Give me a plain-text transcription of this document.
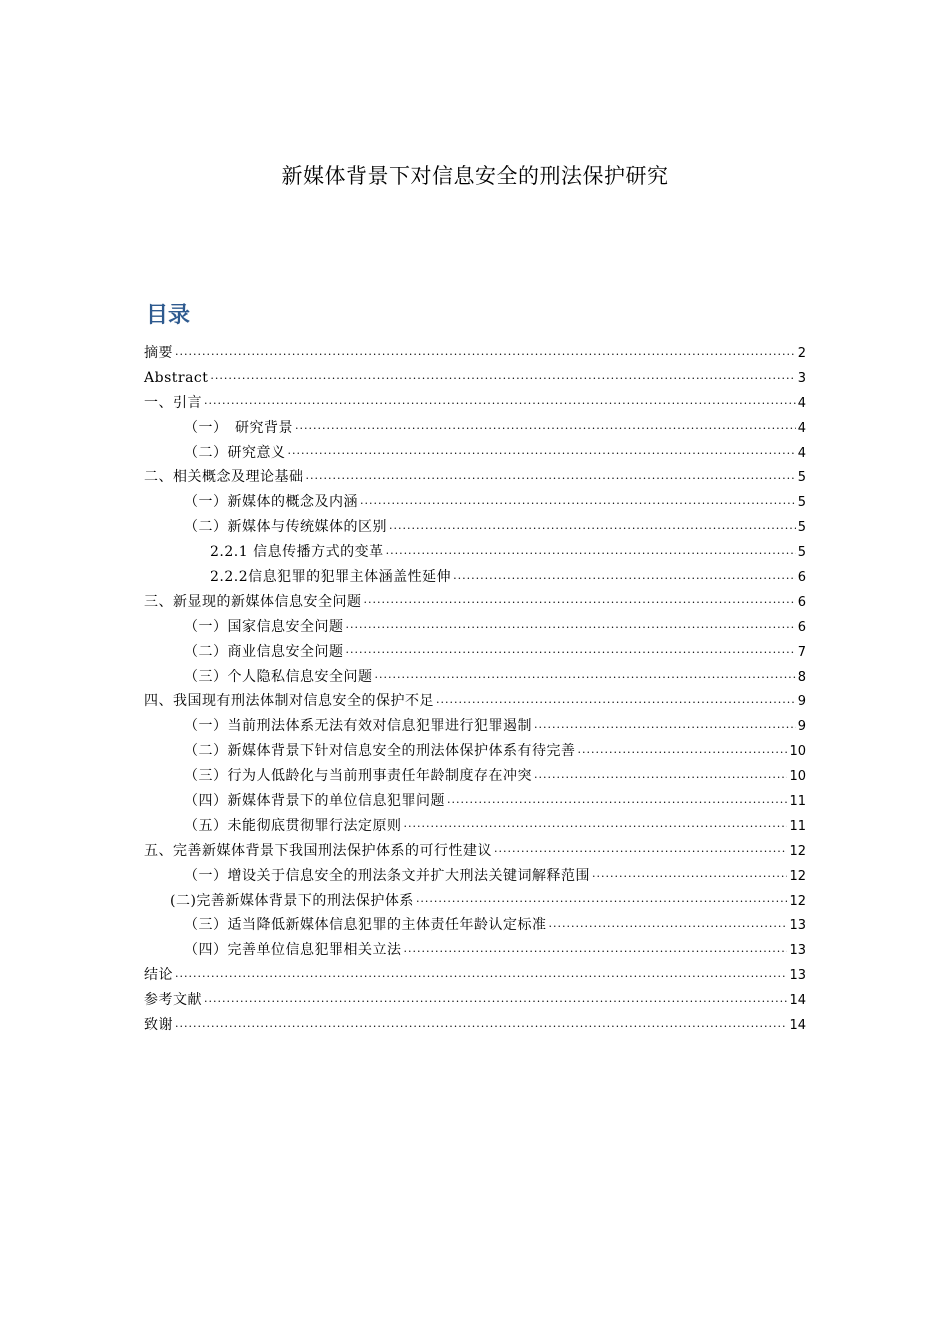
新媒体背景下对信息安全的刑法保护研究
目录
摘要 .....	2
Abstract .....	3
一、引言 .....	4
（一）　研究背景 .....	4
（二）研究意义 .....	4
二、相关概念及理论基础 .....	5
（一）新媒体的概念及内涵 .....	5
（二）新媒体与传统媒体的区别 .....	5
2.2.1 信息传播方式的变革 .....	5
2.2.2信息犯罪的犯罪主体涵盖性延伸 .....	6
三、新显现的新媒体信息安全问题 .....	6
（一）国家信息安全问题 .....	6
（二）商业信息安全问题 .....	7
（三）个人隐私信息安全问题 .....	8
四、我国现有刑法体制对信息安全的保护不足 .....	9
（一）当前刑法体系无法有效对信息犯罪进行犯罪遏制 .....	9
（二）新媒体背景下针对信息安全的刑法体保护体系有待完善 .....	10
（三）行为人低龄化与当前刑事责任年龄制度存在冲突 .....	10
（四）新媒体背景下的单位信息犯罪问题 .....	11
（五）未能彻底贯彻罪行法定原则 .....	11
五、完善新媒体背景下我国刑法保护体系的可行性建议 .....	12
（一）增设关于信息安全的刑法条文并扩大刑法关键词解释范围 .....	12
(二)完善新媒体背景下的刑法保护体系 .....	12
（三）适当降低新媒体信息犯罪的主体责任年龄认定标准 .....	13
（四）完善单位信息犯罪相关立法 .....	13
结论 .....	13
参考文献 .....	14
致谢 .....	14
